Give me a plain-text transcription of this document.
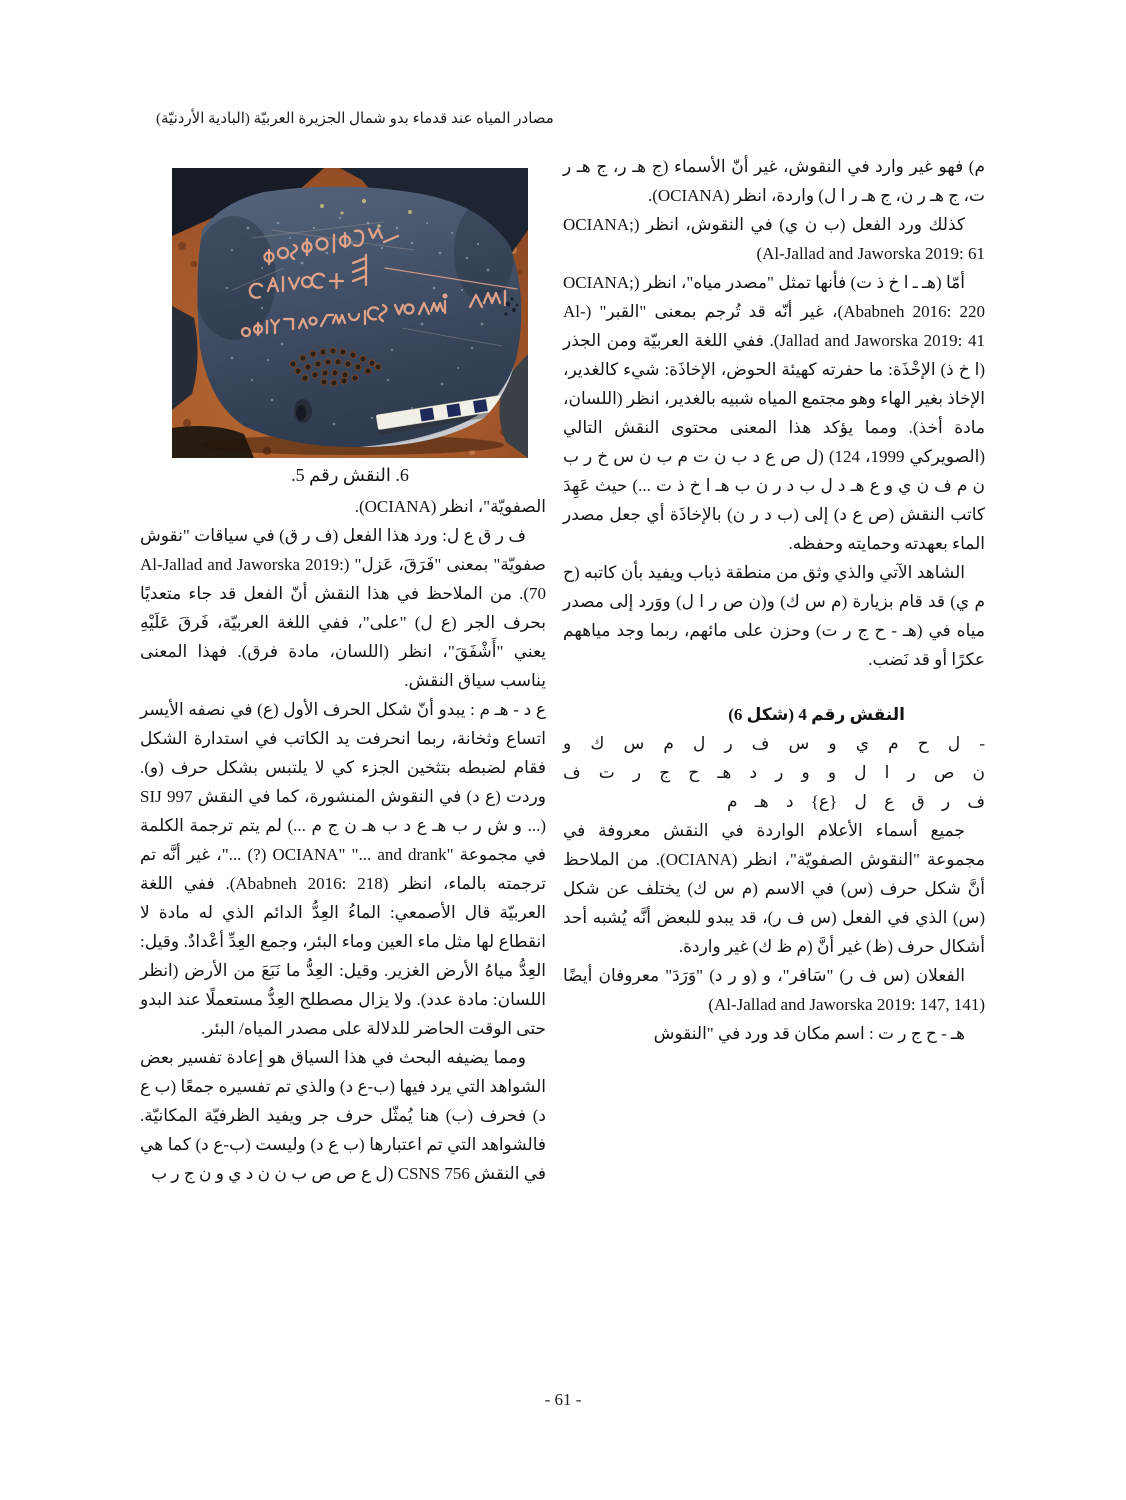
مصادر المياه عند قدماء بدو شمال الجزيرة العربيّة (البادية الأردنيّة)
6. النقش رقم 5.

الصفويّة"، انظر (OCIANA).

ف ر ق ع ل: ورد هذا الفعل (ف ر ق) في سياقات "نقوش صفويّة" بمعنى "فَرَقَ، عَزل" (Al-Jallad and Jaworska 2019: 70). من الملاحظ في هذا النقش أنّ الفعل قد جاء متعديًا بحرف الجر (ع ل) "على"، ففي اللغة العربيّة، فَرقَ عَلَيْهِ يعني "أَشْفَقَ"، انظر (اللسان، مادة فرق). فهذا المعنى يناسب سياق النقش.

ع د - هـ م : يبدو أنّ شكل الحرف الأول (ع) في نصفه الأيسر اتساع وثخانة، ربما انحرفت يد الكاتب في استدارة الشكل فقام لضبطه بتثخين الجزء كي لا يلتبس بشكل حرف (و). وردت (ع د) في النقوش المنشورة، كما في النقش SIJ 997 (... و ش ر ب هـ ع د ب هـ ن ج م ...) لم يتم ترجمة الكلمة في مجموعة "OCIANA" "... and drank (?) ..."، غير أنَّه تم ترجمته بالماء، انظر (Ababneh 2016: 218). ففي اللغة العربيّة قال الأصمعي: الماءُ العِدُّ الدائم الذي له مادة لا انقطاع لها مثل ماء العين وماء البئر، وجمع العِدِّ أعْدادٌ. وقيل: العِدُّ مياهُ الأرض الغزير. وقيل: العِدُّ ما نَبَعَ من الأرض (انظر اللسان: مادة عدد). ولا يزال مصطلح العِدُّ مستعملًا عند البدو حتى الوقت الحاضر للدلالة على مصدر المياه/ البئر.

ومما يضيفه البحث في هذا السياق هو إعادة تفسير بعض الشواهد التي يرد فيها (ب-ع د) والذي تم تفسيره جمعًا (ب ع د) فحرف (ب) هنا يُمثّل حرف جر ويفيد الظرفيّة المكانيّة. فالشواهد التي تم اعتبارها (ب ع د) وليست (ب-ع د) كما هي في النقش CSNS 756 (ل ع ص ص ب ن ن د ي و ن ج ر ب

م) فهو غير وارد في النقوش، غير أنّ الأسماء (ج هـ ر، ج هـ ر ت، ج هـ ر ن، ج هـ ر ا ل) واردة، انظر (OCIANA).

كذلك ورد الفعل (ب ن ي) في النقوش، انظر (OCIANA; Al-Jallad and Jaworska 2019: 61)

أمّا (هـ ـ ا خ ذ ت) فأنها تمثل "مصدر مياه"، انظر (OCIANA; Ababneh 2016: 220)، غير أنّه قد تُرجم بمعنى "القبر" (Al-Jallad and Jaworska 2019: 41). ففي اللغة العربيّة ومن الجذر (ا خ ذ) الإخْذَة: ما حفرته كهيئة الحوض، الإخاذَة: شيء كالغدير، الإخاذ بغير الهاء وهو مجتمع المياه شبيه بالغدير، انظر (اللسان، مادة أخذ). ومما يؤكد هذا المعنى محتوى النقش التالي (الصويركي 1999، 124) (ل ص ع د ب ن ت م ب ن س خ ر ب ن م ف ن ي و ع هـ د ل ب د ر ن ب هـ ا خ ذ ت ...) حيث عَهِدَ كاتب النقش (ص ع د) إلى (ب د ر ن) بالإخاذَة أي جعل مصدر الماء بعهدته وحمايته وحفظه.

الشاهد الآتي والذي وثق من منطقة ذياب ويفيد بأن كاتبه (ح م ي) قد قام بزيارة (م س ك) و(ن ص ر ا ل) ووَرد إلى مصدر مياه في (هـ - ح ج ر ت) وحزن على مائهم، ربما وجد مياههم عكرًا أو قد نَضب.

النقش رقم 4 (شكل 6)

- ل ح م ي و س ف ر ل م س ك و ن ص ر ا ل و و ر د هـ ح ج ر ت ف ف ر ق ع ل {ع} د هـ م

جميع أسماء الأعلام الواردة في النقش معروفة في مجموعة "النقوش الصفويّة"، انظر (OCIANA). من الملاحظ أنَّ شكل حرف (س) في الاسم (م س ك) يختلف عن شكل (س) الذي في الفعل (س ف ر)، قد يبدو للبعض أنَّه يُشبه أحد أشكال حرف (ظ) غير أنَّ (م ظ ك) غير واردة.

الفعلان (س ف ر) "سَافر"، و (و ر د) "وَرَدَ" معروفان أيضًا (Al-Jallad and Jaworska 2019: 147, 141)

هـ - ح ج ر ت : اسم مكان قد ورد في "النقوش

- 61 -
